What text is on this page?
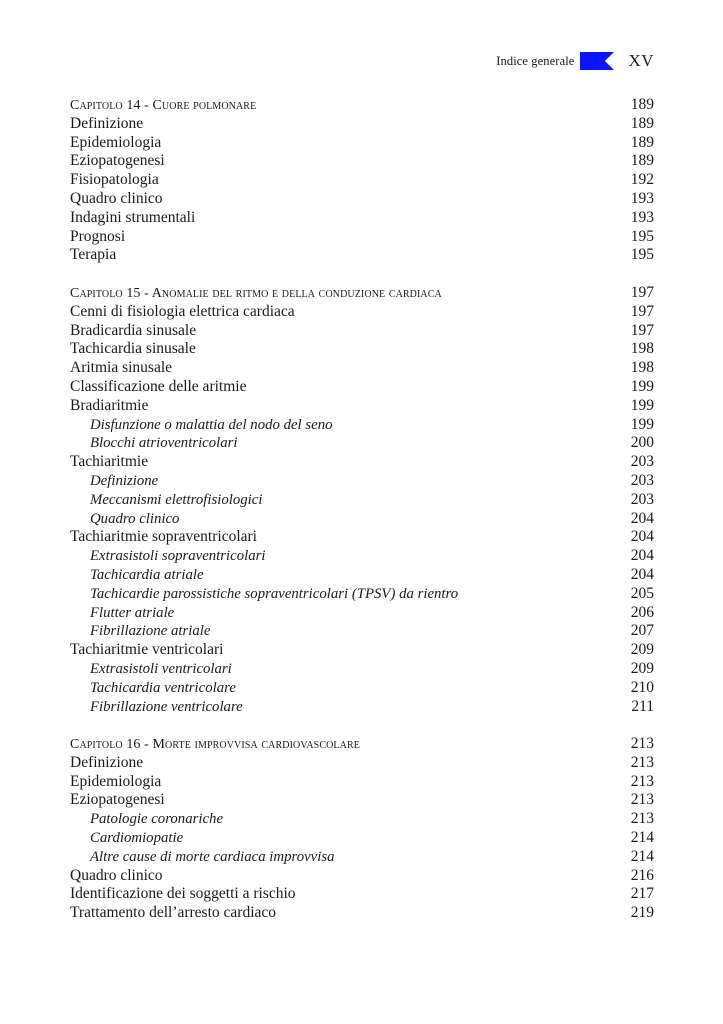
Indice generale	XV
Capitolo 14 - Cuore polmonare	189
Definizione	189
Epidemiologia	189
Eziopatogenesi	189
Fisiopatologia	192
Quadro clinico	193
Indagini strumentali	193
Prognosi	195
Terapia	195
Capitolo 15 - Anomalie del ritmo e della conduzione cardiaca	197
Cenni di fisiologia elettrica cardiaca	197
Bradicardia sinusale	197
Tachicardia sinusale	198
Aritmia sinusale	198
Classificazione delle aritmie	199
Bradiaritmie	199
Disfunzione o malattia del nodo del seno	199
Blocchi atrioventricolari	200
Tachiaritmie	203
Definizione	203
Meccanismi elettrofisiologici	203
Quadro clinico	204
Tachiaritmie sopraventricolari	204
Extrasistoli sopraventricolari	204
Tachicardia atriale	204
Tachicardie parossistiche sopraventricolari (TPSV) da rientro	205
Flutter atriale	206
Fibrillazione atriale	207
Tachiaritmie ventricolari	209
Extrasistoli ventricolari	209
Tachicardia ventricolare	210
Fibrillazione ventricolare	211
Capitolo 16 - Morte improvvisa cardiovascolare	213
Definizione	213
Epidemiologia	213
Eziopatogenesi	213
Patologie coronariche	213
Cardiomiopatie	214
Altre cause di morte cardiaca improvvisa	214
Quadro clinico	216
Identificazione dei soggetti a rischio	217
Trattamento dell’arresto cardiaco	219
